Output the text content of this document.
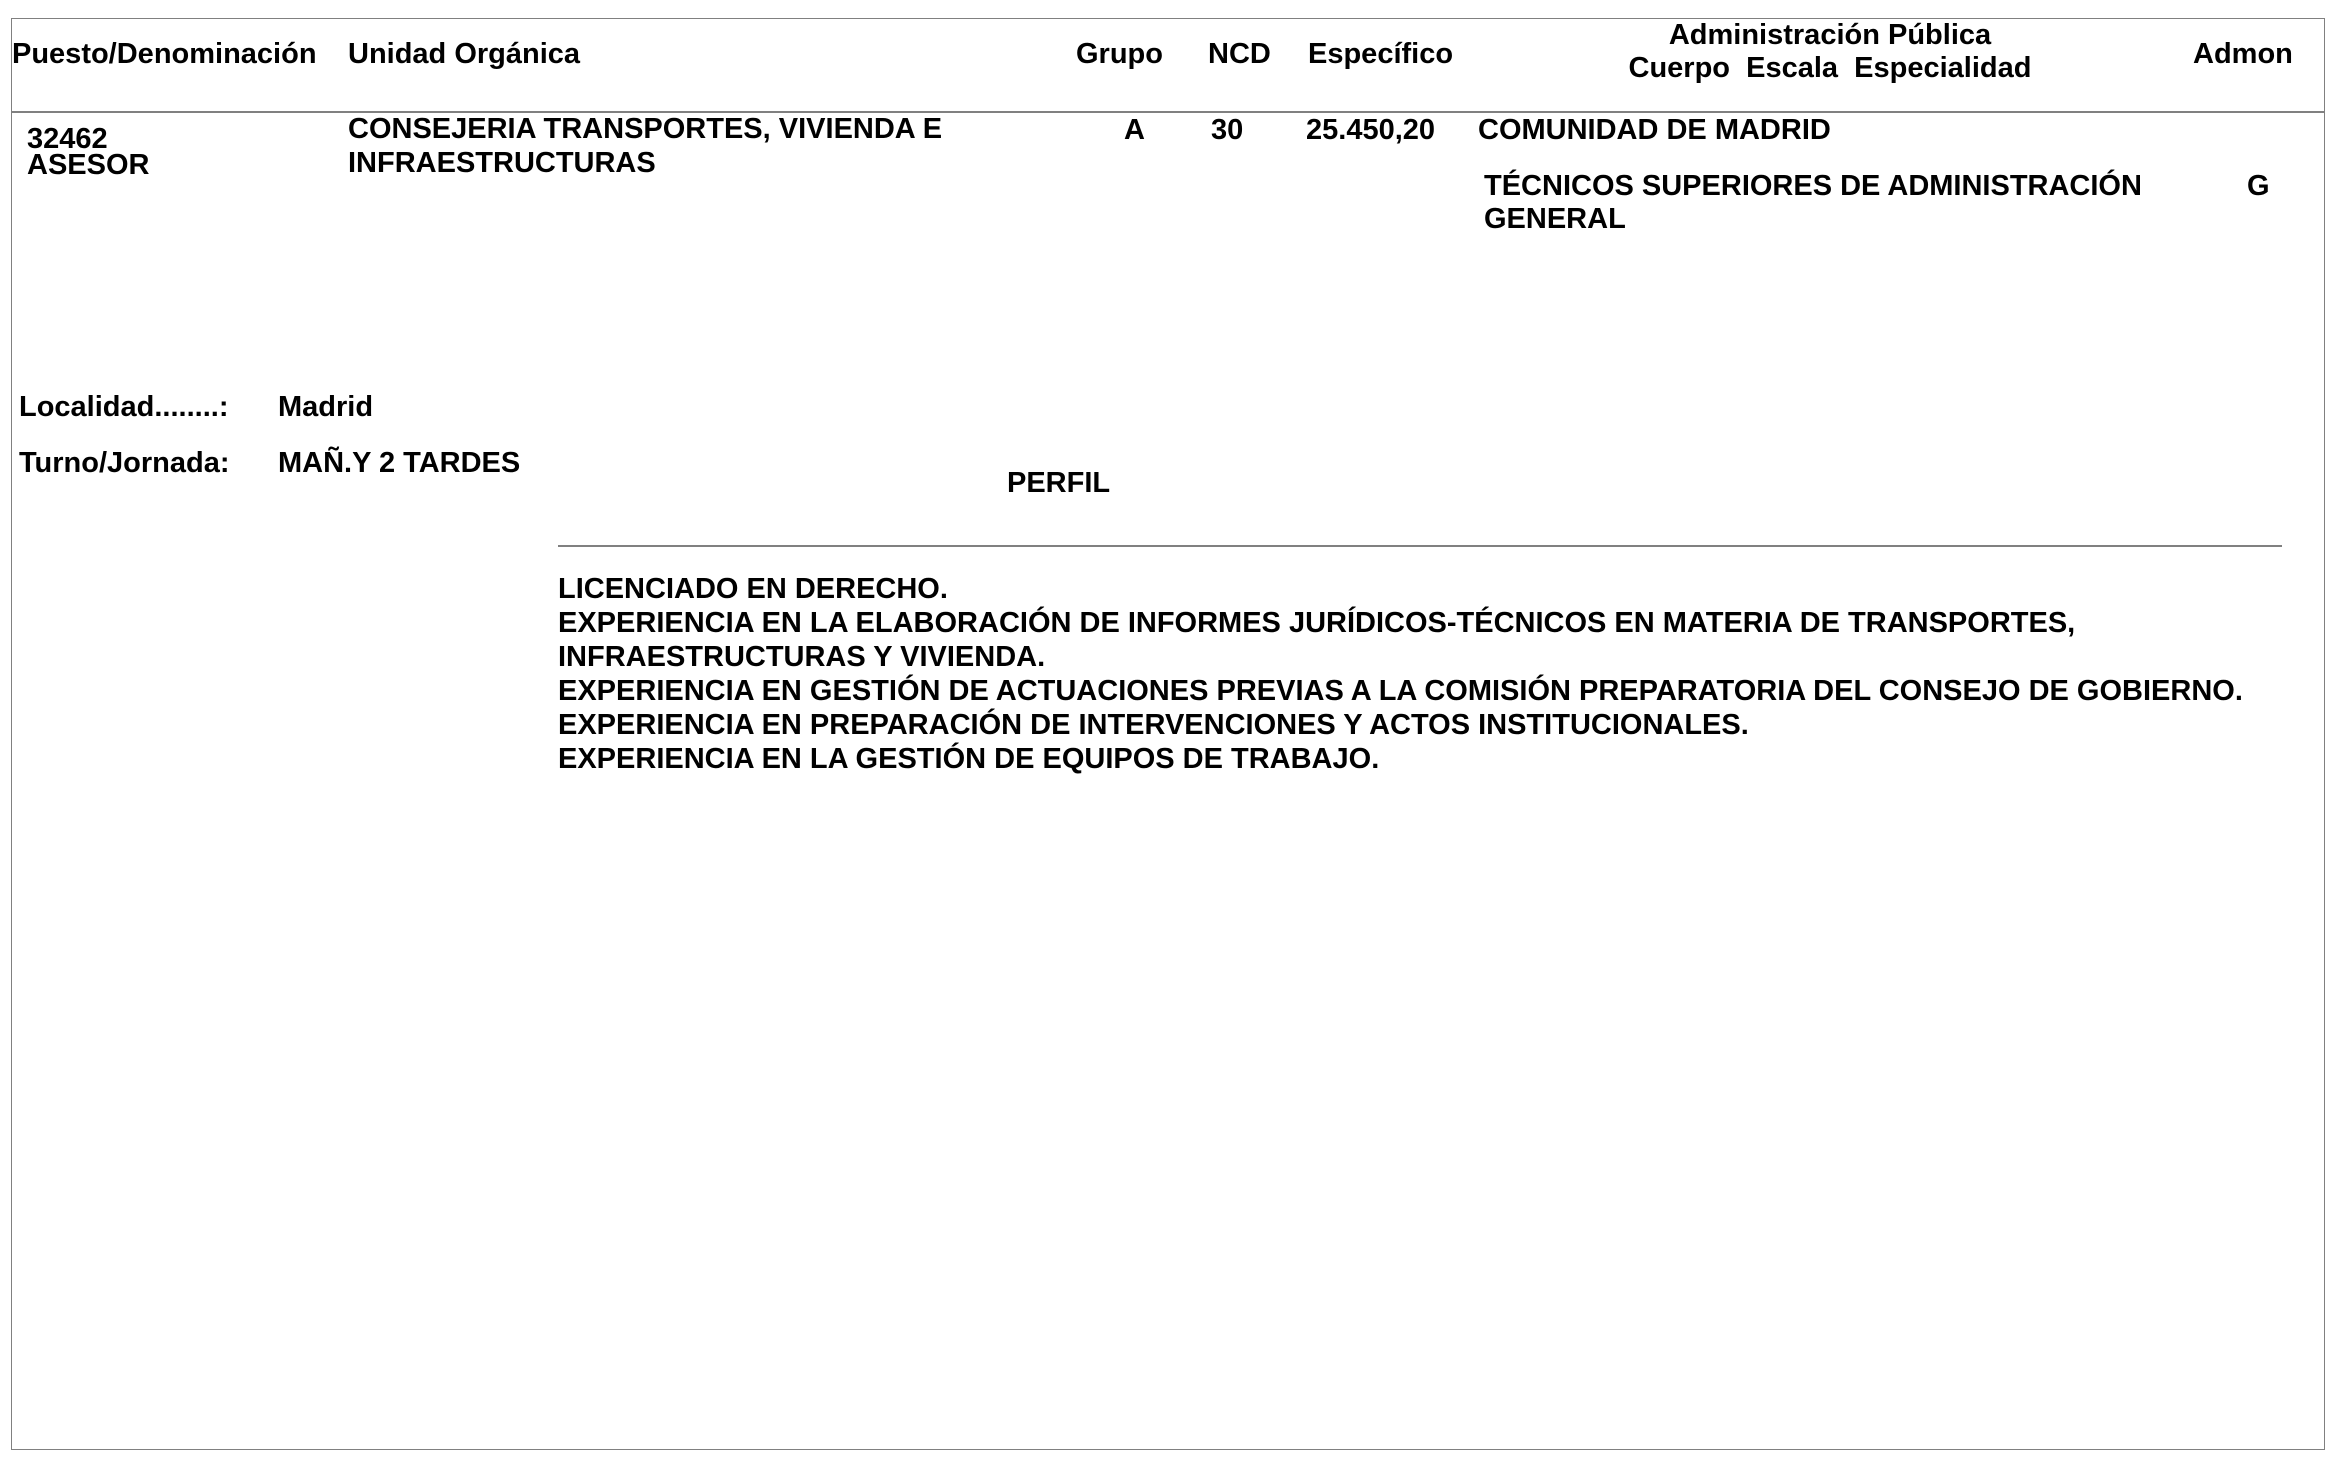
Puesto/Denominación Unidad Orgánica	Grupo NCD Específico
Administración Pública
Cuerpo  Escala  Especialidad	Admon
32462
ASESOR
CONSEJERIA TRANSPORTES, VIVIENDA E
INFRAESTRUCTURAS
A 30 25.450,20 COMUNIDAD DE MADRID
TÉCNICOS SUPERIORES DE ADMINISTRACIÓN
GENERAL
G
Localidad........: Madrid
Turno/Jornada: MAÑ.Y 2 TARDES
PERFIL
LICENCIADO EN DERECHO.
EXPERIENCIA EN LA ELABORACIÓN DE INFORMES JURÍDICOS-TÉCNICOS EN MATERIA DE TRANSPORTES,
INFRAESTRUCTURAS Y VIVIENDA.
EXPERIENCIA EN GESTIÓN DE ACTUACIONES PREVIAS A LA COMISIÓN PREPARATORIA DEL CONSEJO DE GOBIERNO.
EXPERIENCIA EN PREPARACIÓN DE INTERVENCIONES Y ACTOS INSTITUCIONALES.
EXPERIENCIA EN LA GESTIÓN DE EQUIPOS DE TRABAJO.
